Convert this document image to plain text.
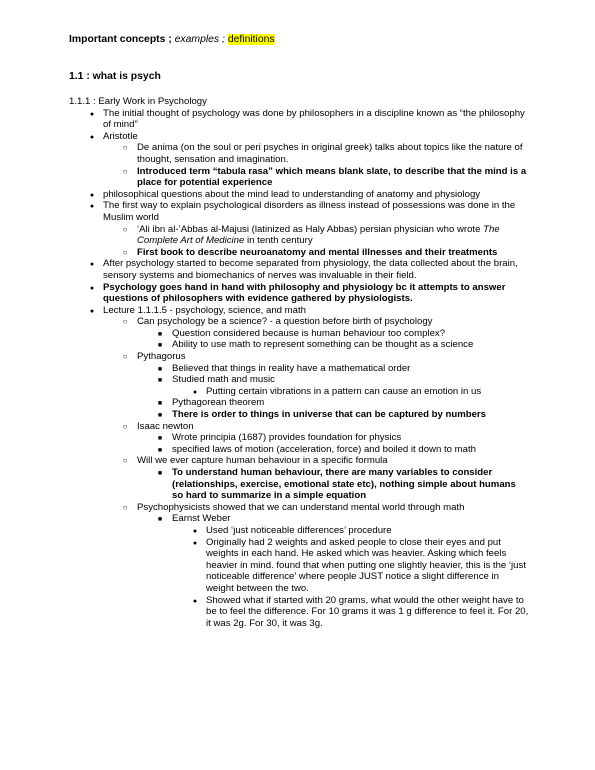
Important concepts ; examples ; definitions
1.1 : what is psych
1.1.1 : Early Work in Psychology
●
The initial thought of psychology was done by philosophers in a discipline known as “the philosophy of mind”
●
Aristotle
○
De anima (on the soul or peri psyches in original greek) talks about topics like the nature of thought, sensation and imagination.
○
Introduced term “tabula rasa” which means blank slate, to describe that the mind is a place for potential experience
●
philosophical questions about the mind lead to understanding of anatomy and physiology
●
The first way to explain psychological disorders as illness instead of possessions was done in the Muslim world
○
‘Ali ibn al-’Abbas al-Majusi (latinized as Haly Abbas) persian physician who wrote The Complete Art of Medicine in tenth century
○
First book to describe neuroanatomy and mental illnesses and their treatments
●
After psychology started to become separated from physiology, the data collected about the brain, sensory systems and biomechanics of nerves was invaluable in their field.
●
Psychology goes hand in hand with philosophy and physiology bc it attempts to answer questions of philosophers with evidence gathered by physiologists.
●
Lecture 1.1.1.5 - psychology, science, and math
○
Can psychology be a science? - a question before birth of psychology
■
Question considered because is human behaviour too complex?
■
Ability to use math to represent something can be thought as a science
○
Pythagorus
■
Believed that things in reality have a mathematical order
■
Studied math and music
●
Putting certain vibrations in a pattern can cause an emotion in us
■
Pythagorean theorem
■
There is order to things in universe that can be captured by numbers
○
Isaac newton
■
Wrote principia (1687) provides foundation for physics
■
specified laws of motion (acceleration, force) and boiled it down to math
○
Will we ever capture human behaviour in a specific formula
■
To understand human behaviour, there are many variables to consider (relationships, exercise, emotional state etc), nothing simple about humans so hard to summarize in a simple equation
○
Psychophysicists showed that we can understand mental world through math
■
Earnst Weber
●
Used ‘just noticeable differences’ procedure
●
Originally had 2 weights and asked people to close their eyes and put weights in each hand. He asked which was heavier. Asking which feels heavier in mind. found that when putting one slightly heavier, this is the ‘just noticeable difference’ where people JUST notice a slight difference in weight between the two.
●
Showed what if started with 20 grams, what would the other weight have to be to feel the difference. For 10 grams it was 1 g difference to feel it. For 20, it was 2g. For 30, it was 3g.
